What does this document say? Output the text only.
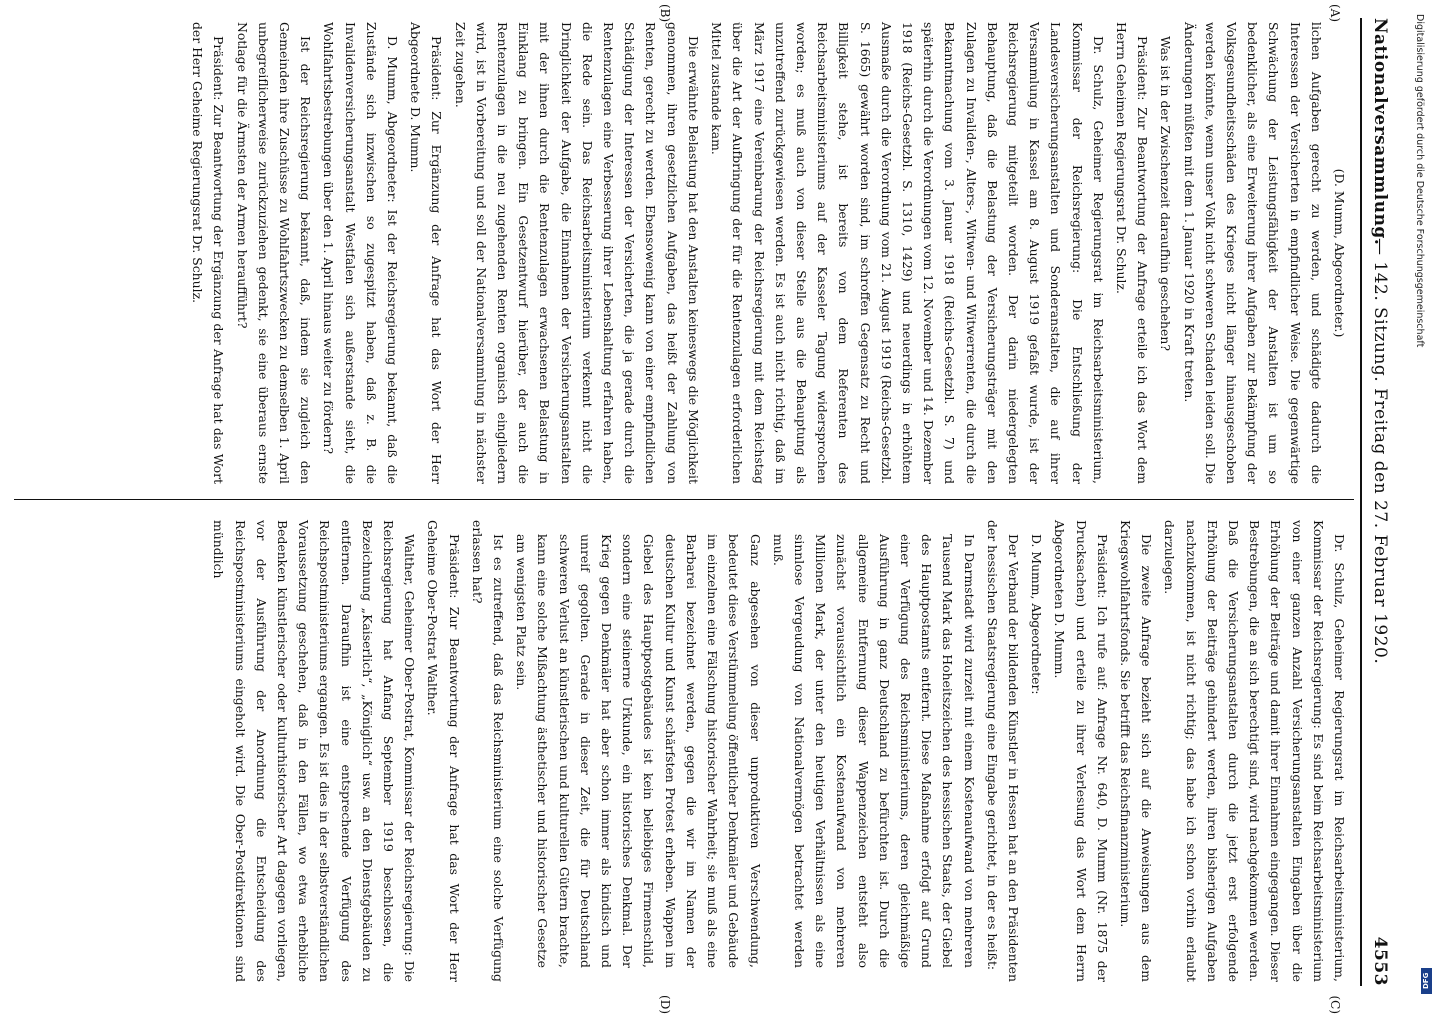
Digitalisierung gefördert durch die Deutsche Forschungsgemeinschaft
DFG
Nationalversammlung.
— 142. Sitzung. Freitag den 27. Februar 1920.
4553
(A)
(B)
(C)
(D)

(D. Mumm, Abgeordneter.)

lichen Aufgaben gerecht zu werden, und schädigte dadurch die Interessen der Versicherten in empfindlicher Weise. Die gegenwärtige Schwächung der Leistungsfähigkeit der Anstalten ist um so bedenklicher, als eine Erweiterung ihrer Aufgaben zur Bekämpfung der Volksgesundheitsschäden des Krieges nicht länger hinausgeschoben werden könnte, wenn unser Volk nicht schweren Schaden leiden soll. Die Änderungen müßten mit dem 1. Januar 1920 in Kraft treten.

Was ist in der Zwischenzeit daraufhin geschehen?

Präsident: Zur Beantwortung der Anfrage erteile ich das Wort dem Herrn Geheimen Regierungsrat Dr. Schulz.

Dr. Schulz, Geheimer Regierungsrat im Reichsarbeitsministerium, Kommissar der Reichsregierung: Die Entschließung der Landesversicherungsanstalten und Sonderanstalten, die auf ihrer Versammlung in Kassel am 8. August 1919 gefaßt wurde, ist der Reichsregierung mitgeteilt worden. Der darin niedergelegten Behauptung, daß die Belastung der Versicherungsträger mit den Zulagen zu Invaliden-, Alters-, Witwen- und Witwerrenten, die durch die Bekanntmachung vom 3. Januar 1918 (Reichs-Gesetzbl. S. 7) und späterhin durch die Verordnungen vom 12. November und 14. Dezember 1918 (Reichs-Gesetzbl. S. 1310, 1429) und neuerdings in erhöhtem Ausmaße durch die Verordnung vom 21. August 1919 (Reichs-Gesetzbl. S. 1665) gewährt worden sind, im schroffen Gegensatz zu Recht und Billigkeit stehe, ist bereits von dem Referenten des Reichsarbeitsministeriums auf der Kasseler Tagung widersprochen worden; es muß auch von dieser Stelle aus die Behauptung als unzutreffend zurückgewiesen werden. Es ist auch nicht richtig, daß im März 1917 eine Vereinbarung der Reichsregierung mit dem Reichstag über die Art der Aufbringung der für die Rentenzulagen erforderlichen Mittel zustande kam.

Die erwähnte Belastung hat den Anstalten keineswegs die Möglichkeit genommen, ihren gesetzlichen Aufgaben, das heißt der Zahlung von Renten, gerecht zu werden. Ebensowenig kann von einer empfindlichen Schädigung der Interessen der Versicherten, die ja gerade durch die Rentenzulagen eine Verbesserung ihrer Lebenshaltung erfahren haben, die Rede sein. Das Reichsarbeitsministerium verkennt nicht die Dringlichkeit der Aufgabe, die Einnahmen der Versicherungsanstalten mit der ihnen durch die Rentenzulagen erwachsenen Belastung in Einklang zu bringen. Ein Gesetzentwurf hierüber, der auch die Rentenzulagen in die neu zugehenden Renten organisch eingliedern wird, ist in Vorbereitung und soll der Nationalversammlung in nächster Zeit zugehen.

Präsident: Zur Ergänzung der Anfrage hat das Wort der Herr Abgeordnete D. Mumm.

D. Mumm, Abgeordneter: Ist der Reichsregierung bekannt, daß die Zustände sich inzwischen so zugespitzt haben, daß z. B. die Invalidenversicherungsanstalt Westfalen sich außerstande sieht, die Wohlfahrtsbestrebungen über den 1. April hinaus weiter zu fördern?

Ist der Reichsregierung bekannt, daß, indem sie zugleich den Gemeinden ihre Zuschüsse zu Wohlfahrtszwecken zu demselben 1. April unbegreiflicherweise zurückzuziehen gedenkt, sie eine überaus ernste Notlage für die Ärmsten der Armen heraufführt?

Präsident: Zur Beantwortung der Ergänzung der Anfrage hat das Wort der Herr Geheime Regierungsrat Dr. Schulz.

Dr. Schulz, Geheimer Regierungsrat im Reichsarbeitsministerium, Kommissar der Reichsregierung: Es sind beim Reichsarbeitsministerium von einer ganzen Anzahl Versicherungsanstalten Eingaben über die Erhöhung der Beiträge und damit ihrer Einnahmen eingegangen. Dieser Bestrebungen, die an sich berechtigt sind, wird nachgekommen werden. Daß die Versicherungsanstalten durch die jetzt erst erfolgende Erhöhung der Beiträge gehindert werden, ihren bisherigen Aufgaben nachzukommen, ist nicht richtig; das habe ich schon vorhin erlaubt darzulegen.

Die zweite Anfrage bezieht sich auf die Anweisungen aus dem Kriegswohlfahrtsfonds. Sie betrifft das Reichsfinanzministerium.

Präsident: Ich rufe auf: Anfrage Nr. 640, D. Mumm (Nr. 1875 der Drucksachen) und erteile zu ihrer Verlesung das Wort dem Herrn Abgeordneten D. Mumm.

D. Mumm, Abgeordneter:

Der Verband der bildenden Künstler in Hessen hat an den Präsidenten der hessischen Staatsregierung eine Eingabe gerichtet, in der es heißt:

In Darmstadt wird zurzeit mit einem Kostenaufwand von mehreren Tausend Mark das Hoheitszeichen des hessischen Staats, der Giebel des Hauptpostamts entfernt. Diese Maßnahme erfolgt auf Grund einer Verfügung des Reichsministeriums, deren gleichmäßige Ausführung in ganz Deutschland zu befürchten ist. Durch die allgemeine Entfernung dieser Wappenzeichen entsteht also zunächst voraussichtlich ein Kostenaufwand von mehreren Millionen Mark, der unter den heutigen Verhältnissen als eine sinnlose Vergeudung von Nationalvermögen betrachtet werden muß.

Ganz abgesehen von dieser unproduktiven Verschwendung, bedeutet diese Verstümmelung öffentlicher Denkmäler und Gebäude im einzelnen eine Fälschung historischer Wahrheit; sie muß als eine Barbarei bezeichnet werden, gegen die wir im Namen der deutschen Kultur und Kunst schärfsten Protest erheben. Wappen im Giebel des Hauptpostgebäudes ist kein beliebiges Firmenschild, sondern eine steinerne Urkunde, ein historisches Denkmal. Der Krieg gegen Denkmäler hat aber schon immer als kindisch und unreif gegolten. Gerade in dieser Zeit, die für Deutschland schweren Verlust an künstlerischen und kulturellen Gütern brachte, kann eine solche Mißachtung ästhetischer und historischer Gesetze am wenigsten Platz sein.

Ist es zutreffend, daß das Reichsministerium eine solche Verfügung erlassen hat?

Präsident: Zur Beantwortung der Anfrage hat das Wort der Herr Geheime Ober-Postrat Walther.

Walther, Geheimer Ober-Postrat, Kommissar der Reichsregierung: Die Reichsregierung hat Anfang September 1919 beschlossen, die Bezeichnung „Kaiserlich“, „Königlich“ usw. an den Dienstgebäuden zu entfernen. Daraufhin ist eine entsprechende Verfügung des Reichspostministeriums ergangen. Es ist dies in der selbstverständlichen Voraussetzung geschehen, daß in den Fällen, wo etwa erhebliche Bedenken künstlerischer oder kulturhistorischer Art dagegen vorliegen, vor der Ausführung der Anordnung die Entscheidung des Reichspostministeriums eingeholt wird. Die Ober-Postdirektionen sind mündlich
